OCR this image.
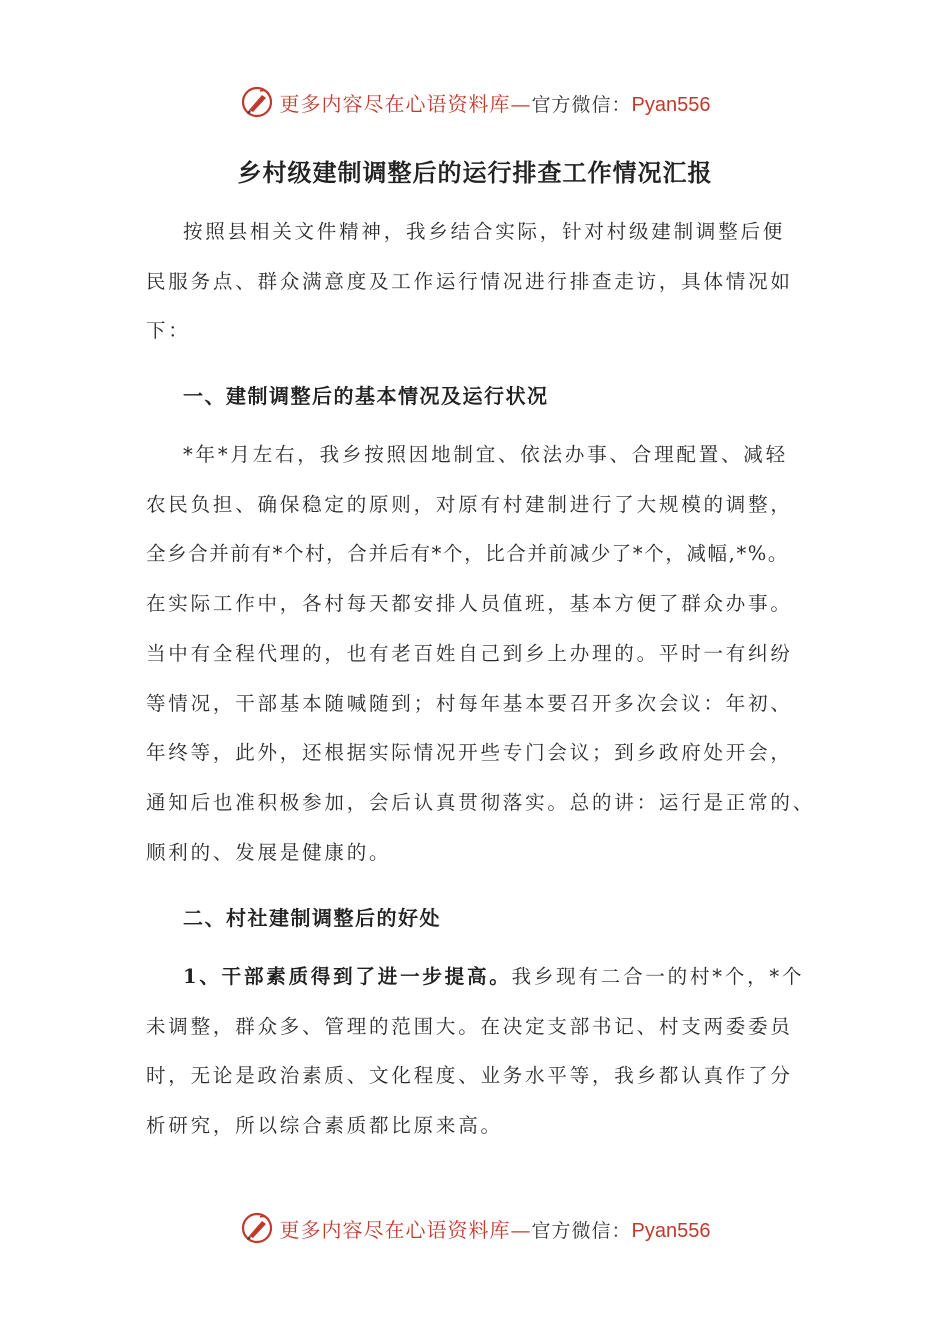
更多内容尽在心语资料库—官方微信：Pyan556
乡村级建制调整后的运行排查工作情况汇报
按照县相关文件精神，我乡结合实际，针对村级建制调整后便
民服务点、群众满意度及工作运行情况进行排查走访，具体情况如
下：
一、建制调整后的基本情况及运行状况
*年*月左右，我乡按照因地制宜、依法办事、合理配置、减轻
农民负担、确保稳定的原则，对原有村建制进行了大规模的调整，
全乡合并前有*个村，合并后有*个，比合并前减少了*个，减幅,*%。
在实际工作中，各村每天都安排人员值班，基本方便了群众办事。
当中有全程代理的，也有老百姓自己到乡上办理的。平时一有纠纷
等情况，干部基本随喊随到；村每年基本要召开多次会议：年初、
年终等，此外，还根据实际情况开些专门会议；到乡政府处开会，
通知后也准积极参加，会后认真贯彻落实。总的讲：运行是正常的、
顺利的、发展是健康的。
二、村社建制调整后的好处
1、干部素质得到了进一步提高。我乡现有二合一的村*个，*个
未调整，群众多、管理的范围大。在决定支部书记、村支两委委员
时，无论是政治素质、文化程度、业务水平等，我乡都认真作了分
析研究，所以综合素质都比原来高。
更多内容尽在心语资料库—官方微信：Pyan556
